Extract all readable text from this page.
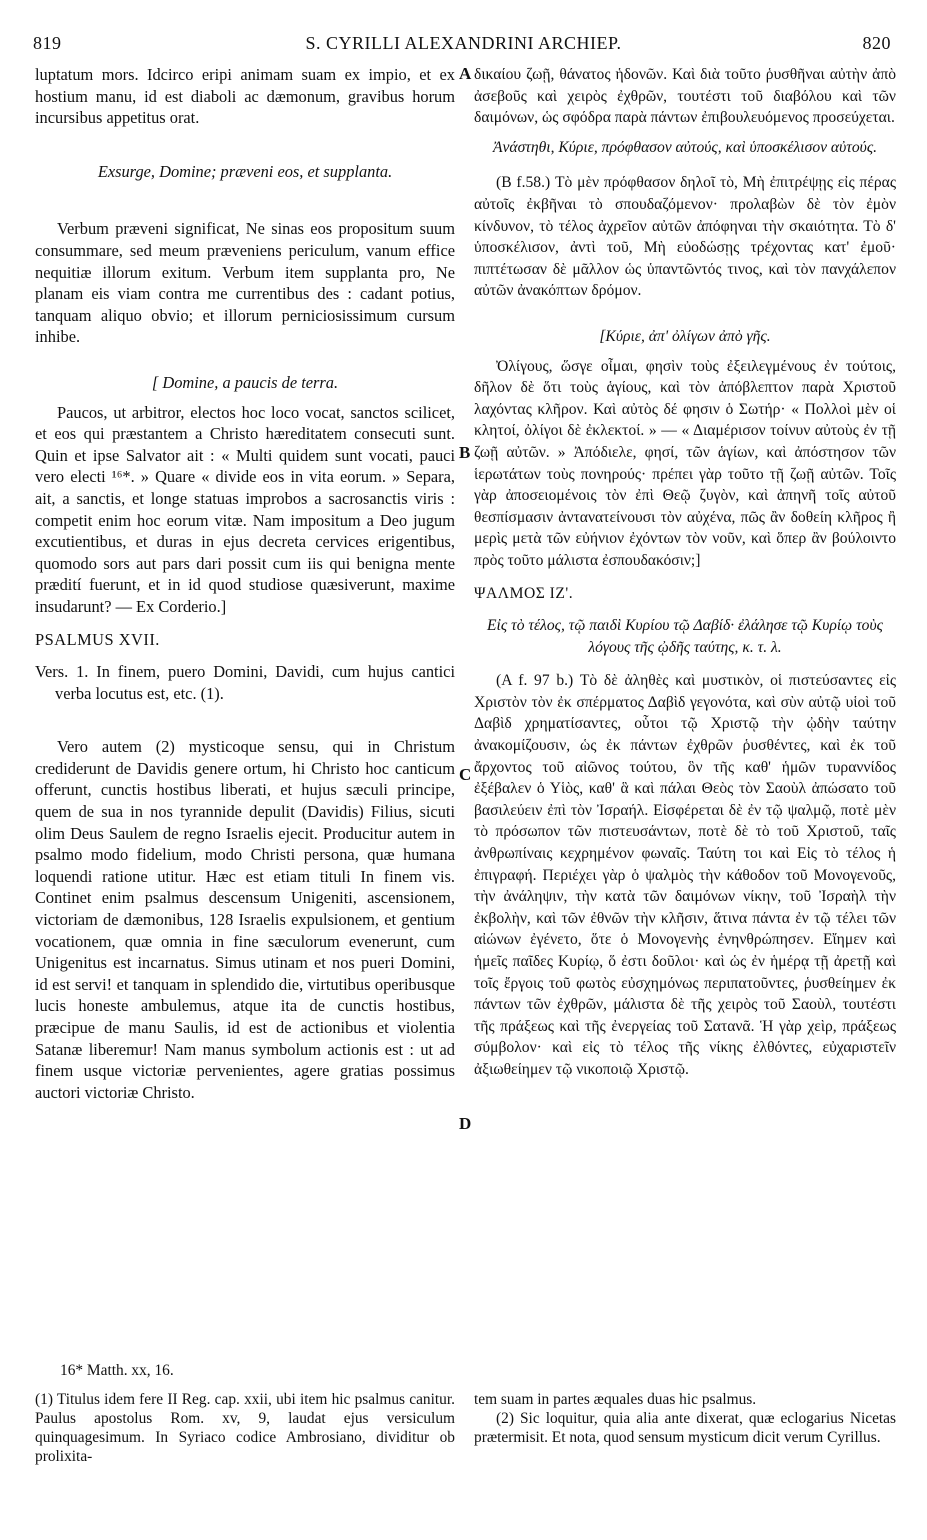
819	S. CYRILLI ALEXANDRINI ARCHIEP.	820
A
B
C
D

luptatum mors. Idcirco eripi animam suam ex impio, et ex hostium manu, id est diaboli ac dæmonum, gravibus horum incursibus appetitus orat.

Exsurge, Domine; præveni eos, et supplanta.

Verbum præveni significat, Ne sinas eos propositum suum consummare, sed meum præveniens periculum, vanum effice nequitiæ illorum exitum. Verbum item supplanta pro, Ne planam eis viam contra me currentibus des : cadant potius, tanquam aliquo obvio; et illorum perniciosissimum cursum inhibe.

[ Domine, a paucis de terra.

Paucos, ut arbitror, electos hoc loco vocat, sanctos scilicet, et eos qui præstantem a Christo hæreditatem consecuti sunt. Quin et ipse Salvator ait : « Multi quidem sunt vocati, pauci vero electi ¹⁶*. » Quare « divide eos in vita eorum. » Separa, ait, a sanctis, et longe statuas improbos a sacrosanctis viris : competit enim hoc eorum vitæ. Nam impositum a Deo jugum excutientibus, et duras in ejus decreta cervices erigentibus, quomodo sors aut pars dari possit cum iis qui benigna mente prædití fuerunt, et in id quod studiose quæsiverunt, maxime insudarunt? — Ex Corderio.]

PSALMUS XVII.

Vers. 1. In finem, puero Domini, Davidi, cum hujus cantici verba locutus est, etc. (1).

Vero autem (2) mysticoque sensu, qui in Christum crediderunt de Davidis genere ortum, hi Christo hoc canticum offerunt, cunctis hostibus liberati, et hujus sæculi principe, quem de sua in nos tyrannide depulit (Davidis) Filius, sicuti olim Deus Saulem de regno Israelis ejecit. Producitur autem in psalmo modo fidelium, modo Christi persona, quæ humana loquendi ratione utitur. Hæc est etiam tituli In finem vis. Continet enim psalmus descensum Unigeniti, ascensionem, victoriam de dæmonibus, 128 Israelis expulsionem, et gentium vocationem, quæ omnia in fine sæculorum evenerunt, cum Unigenitus est incarnatus. Simus utinam et nos pueri Domini, id est servi! et tanquam in splendido die, virtutibus operibusque lucis honeste ambulemus, atque ita de cunctis hostibus, præcipue de manu Saulis, id est de actionibus et violentia Satanæ liberemur! Nam manus symbolum actionis est : ut ad finem usque victoriæ pervenientes, agere gratias possimus auctori victoriæ Christo.

δικαίου ζωῇ, θάνατος ἡδονῶν. Καὶ διὰ τοῦτο ῥυσθῆναι αὐτὴν ἀπὸ ἀσεβοῦς καὶ χειρὸς ἐχθρῶν, τουτέστι τοῦ διαβόλου καὶ τῶν δαιμόνων, ὡς σφόδρα παρὰ πάντων ἐπιβουλευόμενος προσεύχεται.

Ἀνάστηθι, Κύριε, πρόφθασον αὐτούς, καὶ ὑποσκέλισον αὐτούς.

(B f.58.) Τὸ μὲν πρόφθασον δηλοῖ τὸ, Μὴ ἐπιτρέψῃς εἰς πέρας αὐτοῖς ἐκβῆναι τὸ σπουδαζόμενον· προλαβὼν δὲ τὸν ἐμὸν κίνδυνον, τὸ τέλος ἀχρεῖον αὐτῶν ἀπόφηναι τὴν σκαιότητα. Τὸ δ' ὑποσκέλισον, ἀντὶ τοῦ, Μὴ εὐοδώσῃς τρέχοντας κατ' ἐμοῦ· πιπτέτωσαν δὲ μᾶλλον ὡς ὑπαντῶντός τινος, καὶ τὸν πανχάλεπον αὐτῶν ἀνακόπτων δρόμον.

[Κύριε, ἀπ' ὀλίγων ἀπὸ γῆς.

Ὀλίγους, ὥσγε οἶμαι, φησὶν τοὺς ἐξειλεγμένους ἐν τούτοις, δῆλον δὲ ὅτι τοὺς ἁγίους, καὶ τὸν ἀπόβλεπτον παρὰ Χριστοῦ λαχόντας κλῆρον. Καὶ αὐτὸς δέ φησιν ὁ Σωτήρ· « Πολλοὶ μὲν οἱ κλητοί, ὀλίγοι δὲ ἐκλεκτοί. » — « Διαμέρισον τοίνυν αὐτοὺς ἐν τῇ ζωῇ αὐτῶν. » Ἀπόδιελε, φησί, τῶν ἁγίων, καὶ ἀπόστησον τῶν ἱερωτάτων τοὺς πονηρούς· πρέπει γὰρ τοῦτο τῇ ζωῇ αὐτῶν. Τοῖς γὰρ ἀποσειομένοις τὸν ἐπὶ Θεῷ ζυγὸν, καὶ ἀπηνῆ τοῖς αὐτοῦ θεσπίσμασιν ἀντανατείνουσι τὸν αὐχένα, πῶς ἂν δοθείη κλῆρος ἢ μερὶς μετὰ τῶν εὐήνιον ἐχόντων τὸν νοῦν, καὶ ὅπερ ἂν βούλοιντο πρὸς τοῦτο μάλιστα ἐσπουδακόσιν;]

ΨΑΛΜΟΣ ΙΖ'.

Εἰς τὸ τέλος, τῷ παιδὶ Κυρίου τῷ Δαβίδ· ἐλάλησε τῷ Κυρίῳ τοὺς λόγους τῆς ᾠδῆς ταύτης, κ. τ. λ.

(A f. 97 b.) Τὸ δὲ ἀληθὲς καὶ μυστικὸν, οἱ πιστεύσαντες εἰς Χριστὸν τὸν ἐκ σπέρματος Δαβὶδ γεγονότα, καὶ σὺν αὐτῷ υἱοὶ τοῦ Δαβὶδ χρηματίσαντες, οὗτοι τῷ Χριστῷ τὴν ᾠδὴν ταύτην ἀνακομίζουσιν, ὡς ἐκ πάντων ἐχθρῶν ῥυσθέντες, καὶ ἐκ τοῦ ἄρχοντος τοῦ αἰῶνος τούτου, ὃν τῆς καθ' ἡμῶν τυραννίδος ἐξέβαλεν ὁ Υἱὸς, καθ' ἃ καὶ πάλαι Θεὸς τὸν Σαοὺλ ἀπώσατο τοῦ βασιλεύειν ἐπὶ τὸν Ἰσραήλ. Εἰσφέρεται δὲ ἐν τῷ ψαλμῷ, ποτὲ μὲν τὸ πρόσωπον τῶν πιστευσάντων, ποτὲ δὲ τὸ τοῦ Χριστοῦ, ταῖς ἀνθρωπίναις κεχρημένον φωναῖς. Ταύτη τοι καὶ Εἰς τὸ τέλος ἡ ἐπιγραφή. Περιέχει γὰρ ὁ ψαλμὸς τὴν κάθοδον τοῦ Μονογενοῦς, τὴν ἀνάληψιν, τὴν κατὰ τῶν δαιμόνων νίκην, τοῦ Ἰσραὴλ τὴν ἐκβολὴν, καὶ τῶν ἐθνῶν τὴν κλῆσιν, ἅτινα πάντα ἐν τῷ τέλει τῶν αἰώνων ἐγένετο, ὅτε ὁ Μονογενὴς ἐνηνθρώπησεν. Εἴημεν καὶ ἡμεῖς παῖδες Κυρίῳ, ὅ ἐστι δοῦλοι· καὶ ὡς ἐν ἡμέρᾳ τῇ ἀρετῇ καὶ τοῖς ἔργοις τοῦ φωτὸς εὐσχημόνως περιπατοῦντες, ῥυσθείημεν ἐκ πάντων τῶν ἐχθρῶν, μάλιστα δὲ τῆς χειρὸς τοῦ Σαοὺλ, τουτέστι τῆς πράξεως καὶ τῆς ἐνεργείας τοῦ Σατανᾶ. Ἡ γὰρ χεὶρ, πράξεως σύμβολον· καὶ εἰς τὸ τέλος τῆς νίκης ἐλθόντες, εὐχαριστεῖν ἀξιωθείημεν τῷ νικοποιῷ Χριστῷ.

16* Matth. xx, 16.
(1) Titulus idem fere II Reg. cap. xxii, ubi item hic psalmus canitur. Paulus apostolus Rom. xv, 9, laudat ejus versiculum quinquagesimum. In Syriaco codice Ambrosiano, dividitur ob prolixita-
tem suam in partes æquales duas hic psalmus.
(2) Sic loquitur, quia alia ante dixerat, quæ eclogarius Nicetas prætermisit. Et nota, quod sensum mysticum dicit verum Cyrillus.
